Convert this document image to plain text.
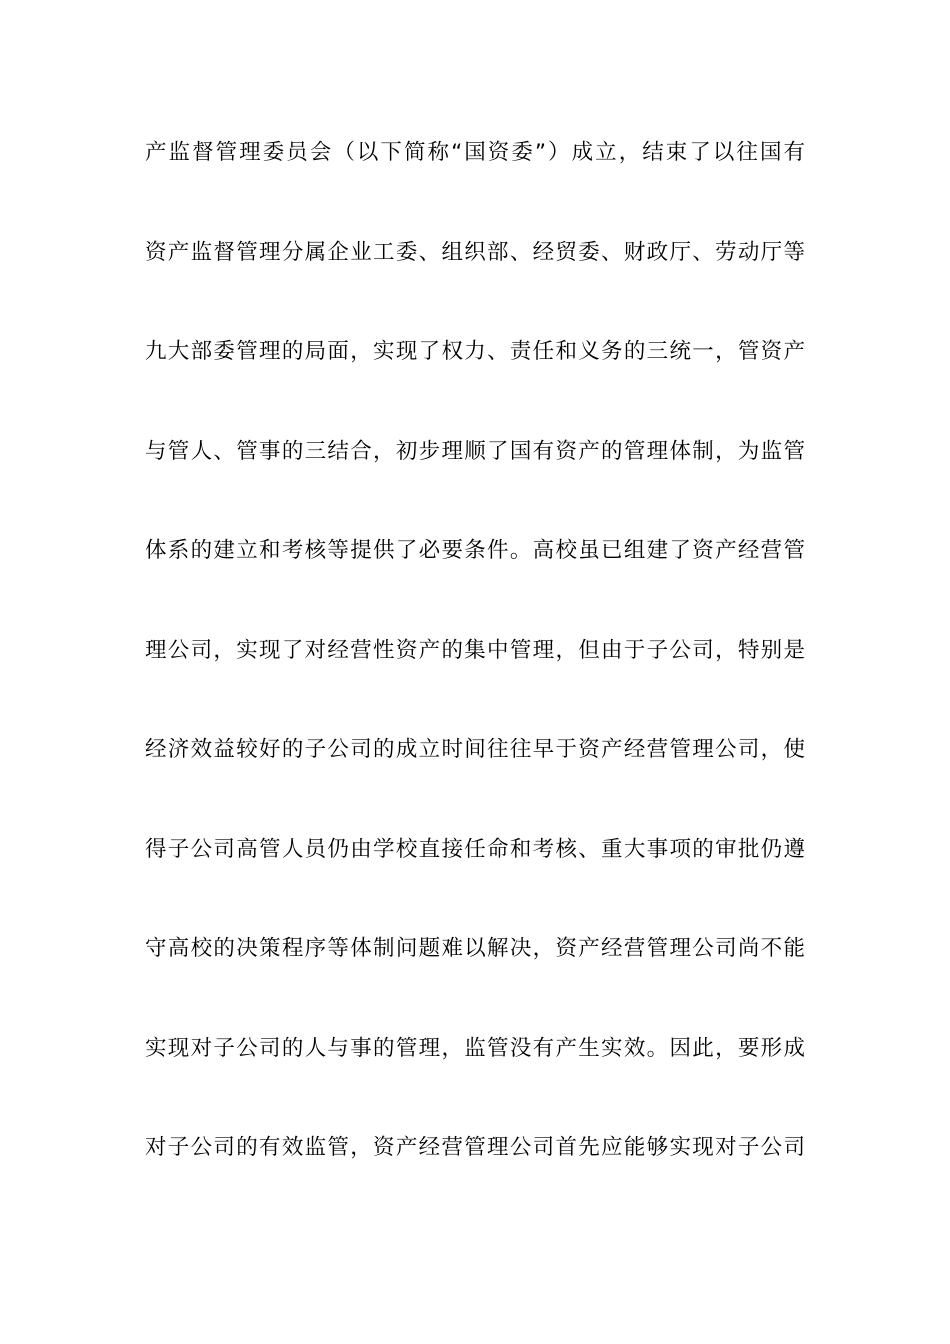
产监督管理委员会（以下简称“国资委”）成立，结束了以往国有
资产监督管理分属企业工委、组织部、经贸委、财政厅、劳动厅等
九大部委管理的局面，实现了权力、责任和义务的三统一，管资产
与管人、管事的三结合，初步理顺了国有资产的管理体制，为监管
体系的建立和考核等提供了必要条件。高校虽已组建了资产经营管
理公司，实现了对经营性资产的集中管理，但由于子公司，特别是
经济效益较好的子公司的成立时间往往早于资产经营管理公司，使
得子公司高管人员仍由学校直接任命和考核、重大事项的审批仍遵
守高校的决策程序等体制问题难以解决，资产经营管理公司尚不能
实现对子公司的人与事的管理，监管没有产生实效。因此，要形成
对子公司的有效监管，资产经营管理公司首先应能够实现对子公司
